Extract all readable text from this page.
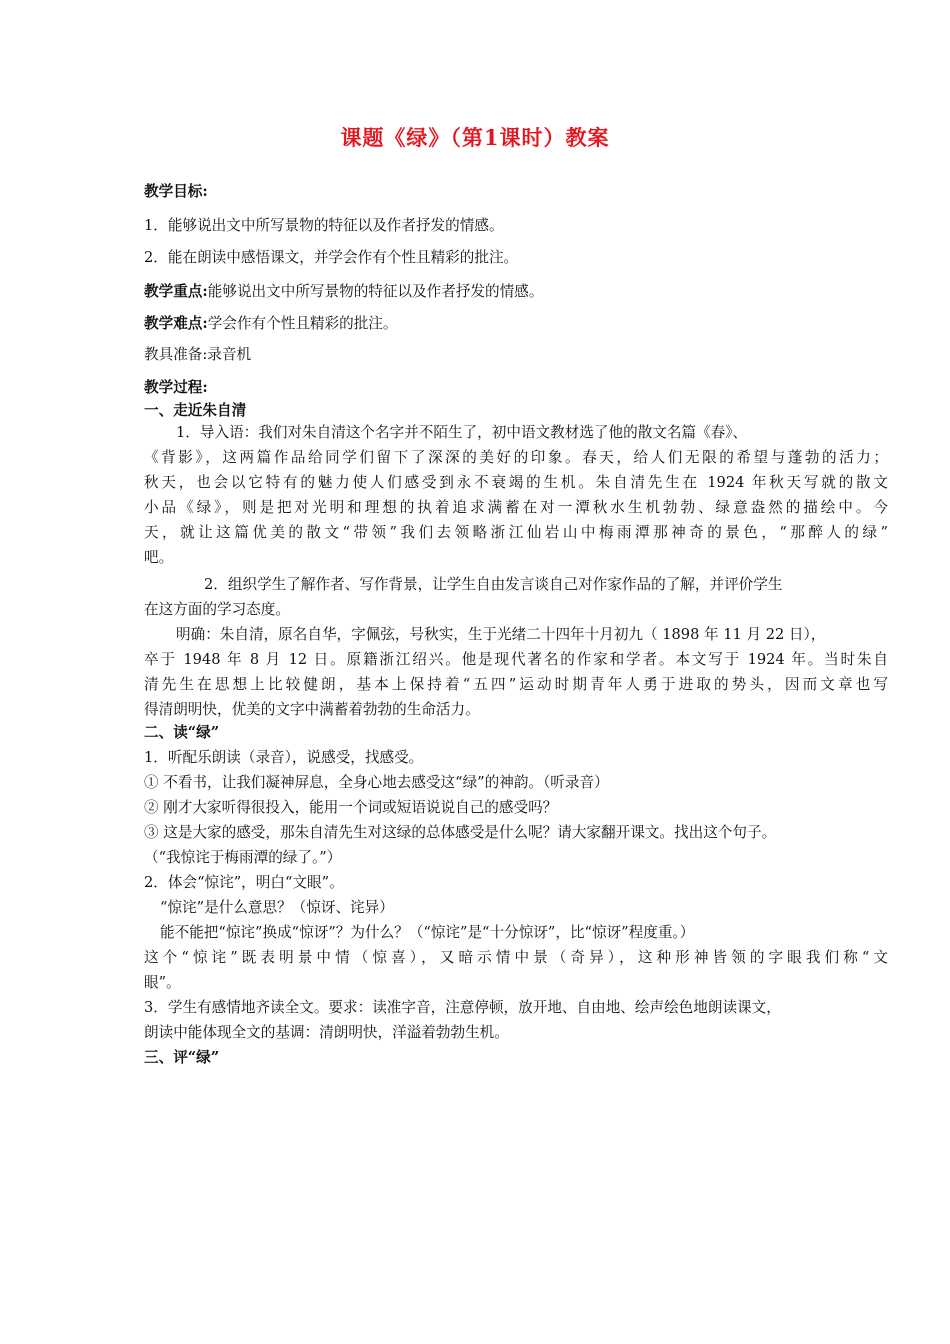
课题《绿》（第1课时）教案
教学目标:
1．能够说出文中所写景物的特征以及作者抒发的情感。
2．能在朗读中感悟课文，并学会作有个性且精彩的批注。
教学重点:能够说出文中所写景物的特征以及作者抒发的情感。
教学难点:学会作有个性且精彩的批注。
教具准备:录音机
教学过程:
一、走近朱自清
1．导入语：我们对朱自清这个名字并不陌生了，初中语文教材选了他的散文名篇《春》、
《背影》，这两篇作品给同学们留下了深深的美好的印象。春天，给人们无限的希望与蓬勃的活力；
秋天，也会以它特有的魅力使人们感受到永不衰竭的生机。朱自清先生在 1924 年秋天写就的散文
小品《绿》，则是把对光明和理想的执着追求满蓄在对一潭秋水生机勃勃、绿意盎然的描绘中。今
天，就让这篇优美的散文“带领”我们去领略浙江仙岩山中梅雨潭那神奇的景色，“那醉人的绿”
吧。
2．组织学生了解作者、写作背景，让学生自由发言谈自己对作家作品的了解，并评价学生
在这方面的学习态度。
明确：朱自清，原名自华，字佩弦，号秋实，生于光绪二十四年十月初九（ 1898 年 11 月 22 日），
卒于 1948 年 8 月 12 日。原籍浙江绍兴。他是现代著名的作家和学者。本文写于 1924 年。当时朱自
清先生在思想上比较健朗，基本上保持着“五四”运动时期青年人勇于进取的势头，因而文章也写
得清朗明快，优美的文字中满蓄着勃勃的生命活力。
二、读“绿”
1．听配乐朗读（录音），说感受，找感受。
① 不看书，让我们凝神屏息，全身心地去感受这“绿”的神韵。（听录音）
② 刚才大家听得很投入，能用一个词或短语说说自己的感受吗？
③ 这是大家的感受，那朱自清先生对这绿的总体感受是什么呢？请大家翻开课文。找出这个句子。
（“我惊诧于梅雨潭的绿了。”）
2．体会“惊诧”，明白“文眼”。
“惊诧”是什么意思？（惊讶、诧异）
能不能把“惊诧”换成“惊讶”？为什么？（“惊诧”是“十分惊讶”，比“惊讶”程度重。）
这个“惊诧”既表明景中情（惊喜），又暗示情中景（奇异），这种形神皆领的字眼我们称“文
眼”。
3．学生有感情地齐读全文。要求：读准字音，注意停顿，放开地、自由地、绘声绘色地朗读课文，
朗读中能体现全文的基调：清朗明快，洋溢着勃勃生机。
三、评“绿”
